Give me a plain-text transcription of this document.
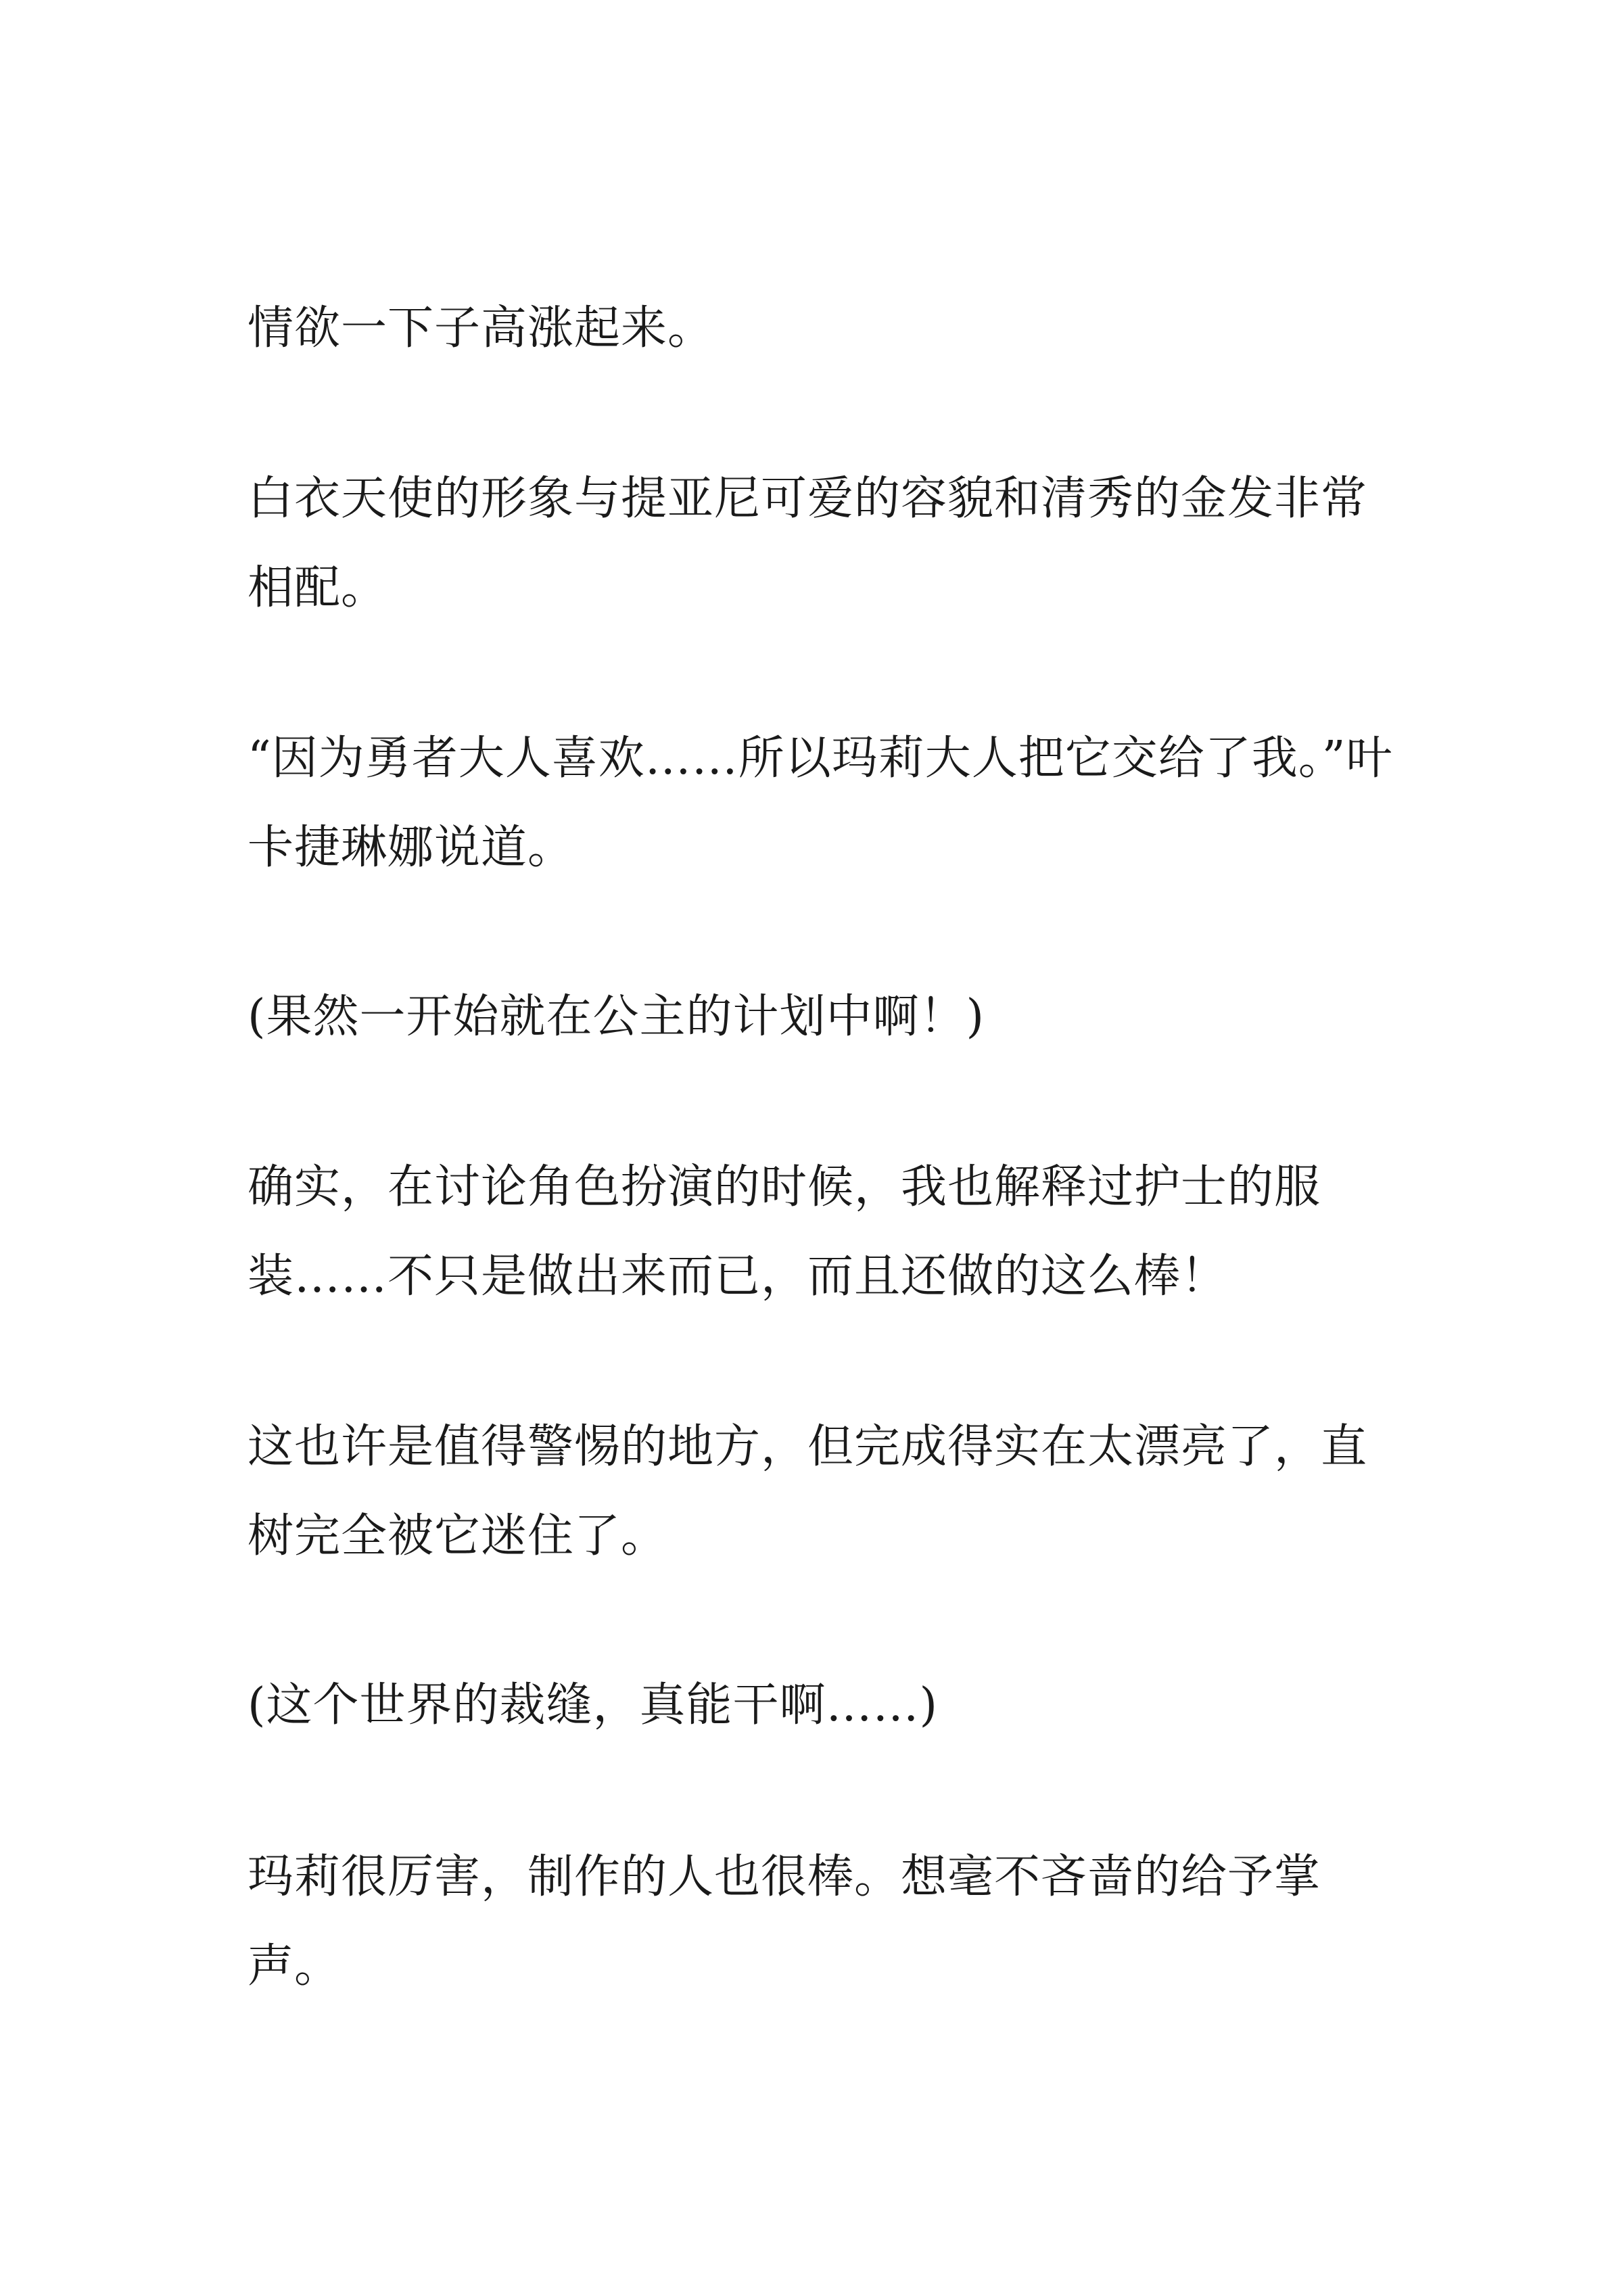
情欲一下子高涨起来。

白衣天使的形象与提亚尼可爱的容貌和清秀的金发非常相配。

“因为勇者大人喜欢……所以玛莉大人把它交给了我。”叶卡捷琳娜说道。

(果然一开始就在公主的计划中啊！)

确实，在讨论角色扮演的时候，我也解释过护士的服装……不只是做出来而已，而且还做的这么棒！

这也许是值得警惕的地方，但完成得实在太漂亮了，直树完全被它迷住了。

(这个世界的裁缝，真能干啊……)

玛莉很厉害，制作的人也很棒。想毫不吝啬的给予掌声。
